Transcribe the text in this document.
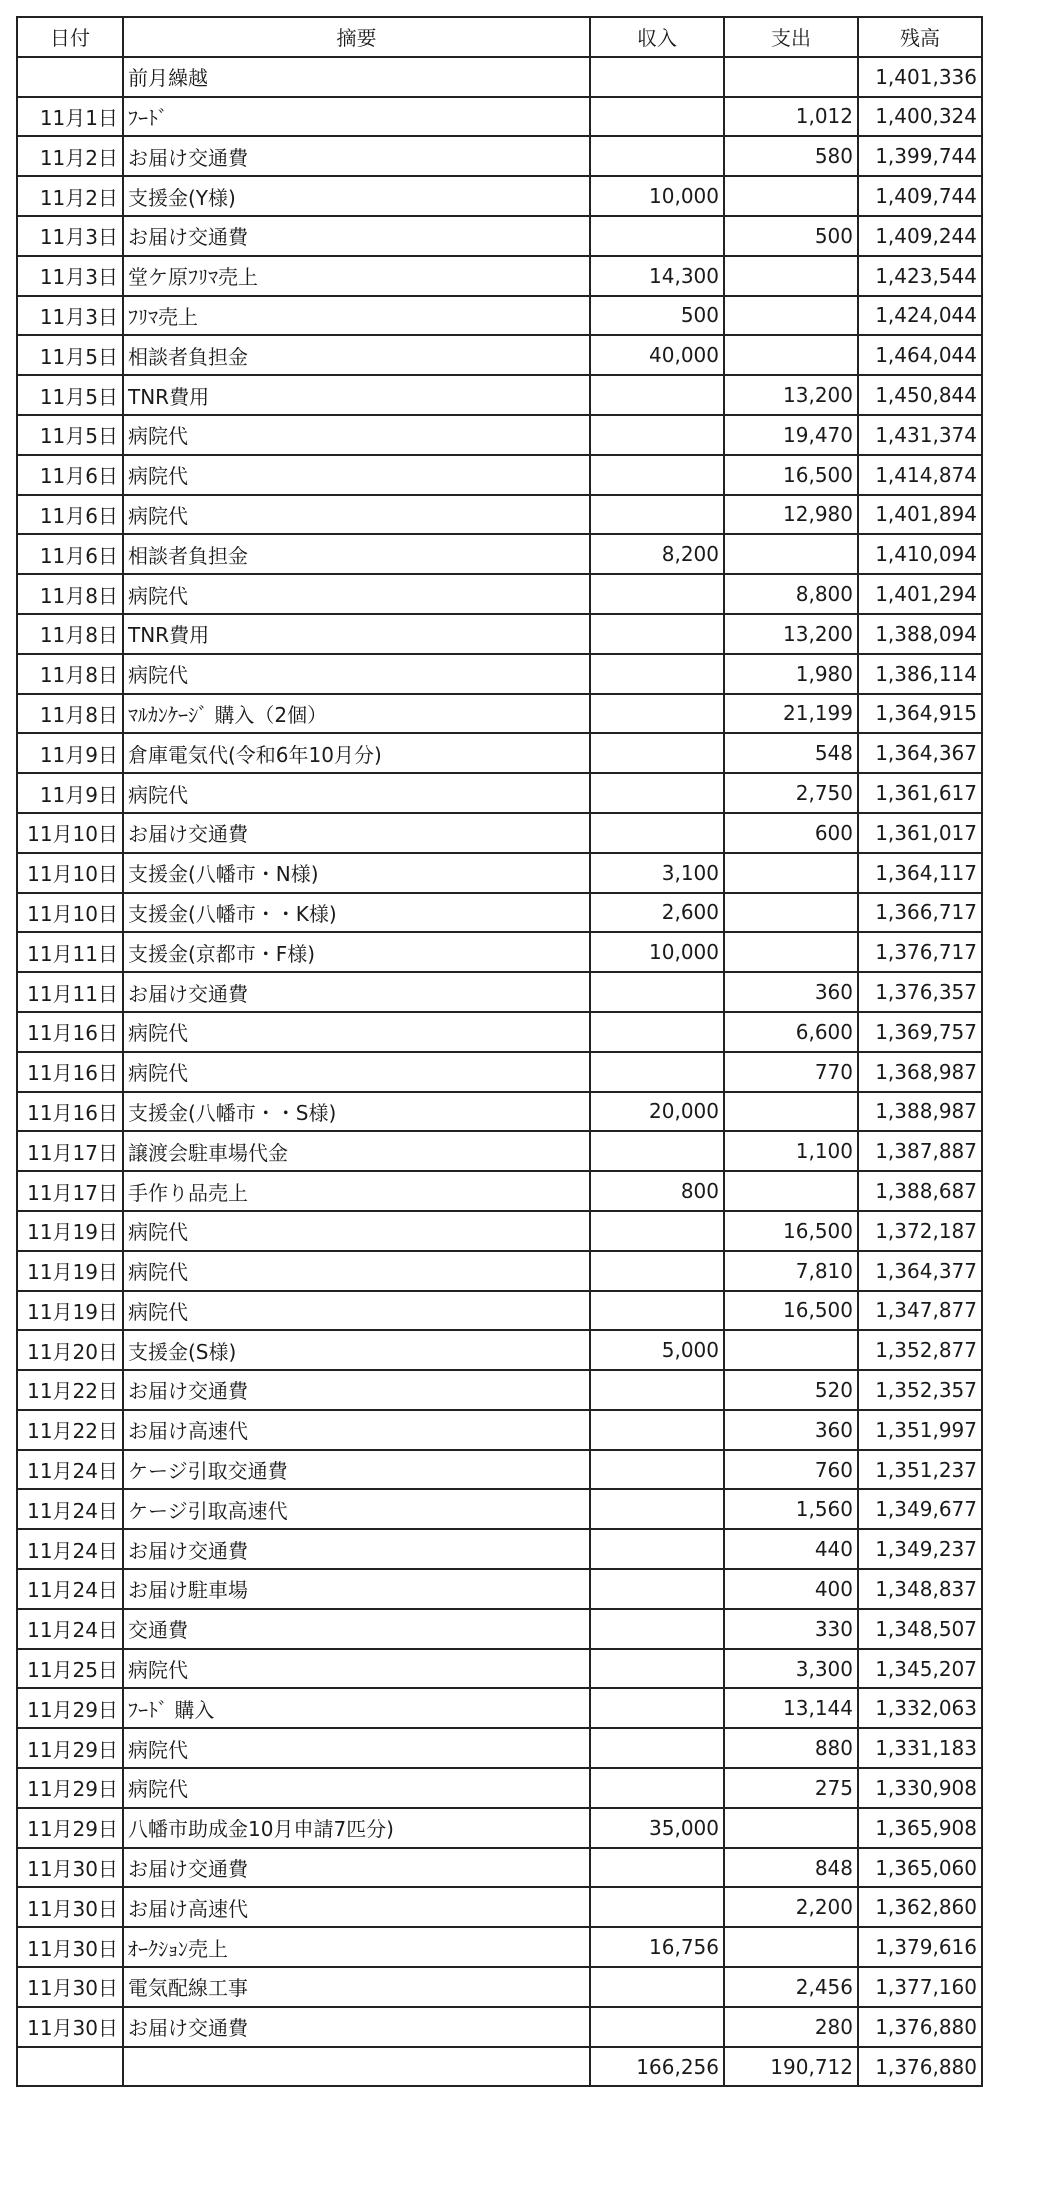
日付	摘要	収入	支出	残高
	前月繰越			1,401,336
11月1日	ﾌｰﾄﾞ		1,012	1,400,324
11月2日	お届け交通費		580	1,399,744
11月2日	支援金(Y様)	10,000		1,409,744
11月3日	お届け交通費		500	1,409,244
11月3日	堂ケ原ﾌﾘﾏ売上	14,300		1,423,544
11月3日	ﾌﾘﾏ売上	500		1,424,044
11月5日	相談者負担金	40,000		1,464,044
11月5日	TNR費用		13,200	1,450,844
11月5日	病院代		19,470	1,431,374
11月6日	病院代		16,500	1,414,874
11月6日	病院代		12,980	1,401,894
11月6日	相談者負担金	8,200		1,410,094
11月8日	病院代		8,800	1,401,294
11月8日	TNR費用		13,200	1,388,094
11月8日	病院代		1,980	1,386,114
11月8日	ﾏﾙｶﾝｹｰｼﾞ 購入（2個）		21,199	1,364,915
11月9日	倉庫電気代(令和6年10月分)		548	1,364,367
11月9日	病院代		2,750	1,361,617
11月10日	お届け交通費		600	1,361,017
11月10日	支援金(八幡市・N様)	3,100		1,364,117
11月10日	支援金(八幡市・・K様)	2,600		1,366,717
11月11日	支援金(京都市・F様)	10,000		1,376,717
11月11日	お届け交通費		360	1,376,357
11月16日	病院代		6,600	1,369,757
11月16日	病院代		770	1,368,987
11月16日	支援金(八幡市・・S様)	20,000		1,388,987
11月17日	譲渡会駐車場代金		1,100	1,387,887
11月17日	手作り品売上	800		1,388,687
11月19日	病院代		16,500	1,372,187
11月19日	病院代		7,810	1,364,377
11月19日	病院代		16,500	1,347,877
11月20日	支援金(S様)	5,000		1,352,877
11月22日	お届け交通費		520	1,352,357
11月22日	お届け高速代		360	1,351,997
11月24日	ケージ引取交通費		760	1,351,237
11月24日	ケージ引取高速代		1,560	1,349,677
11月24日	お届け交通費		440	1,349,237
11月24日	お届け駐車場		400	1,348,837
11月24日	交通費		330	1,348,507
11月25日	病院代		3,300	1,345,207
11月29日	ﾌｰﾄﾞ 購入		13,144	1,332,063
11月29日	病院代		880	1,331,183
11月29日	病院代		275	1,330,908
11月29日	八幡市助成金10月申請7匹分)	35,000		1,365,908
11月30日	お届け交通費		848	1,365,060
11月30日	お届け高速代		2,200	1,362,860
11月30日	ｵｰｸｼｮﾝ売上	16,756		1,379,616
11月30日	電気配線工事		2,456	1,377,160
11月30日	お届け交通費		280	1,376,880
		166,256	190,712	1,376,880
